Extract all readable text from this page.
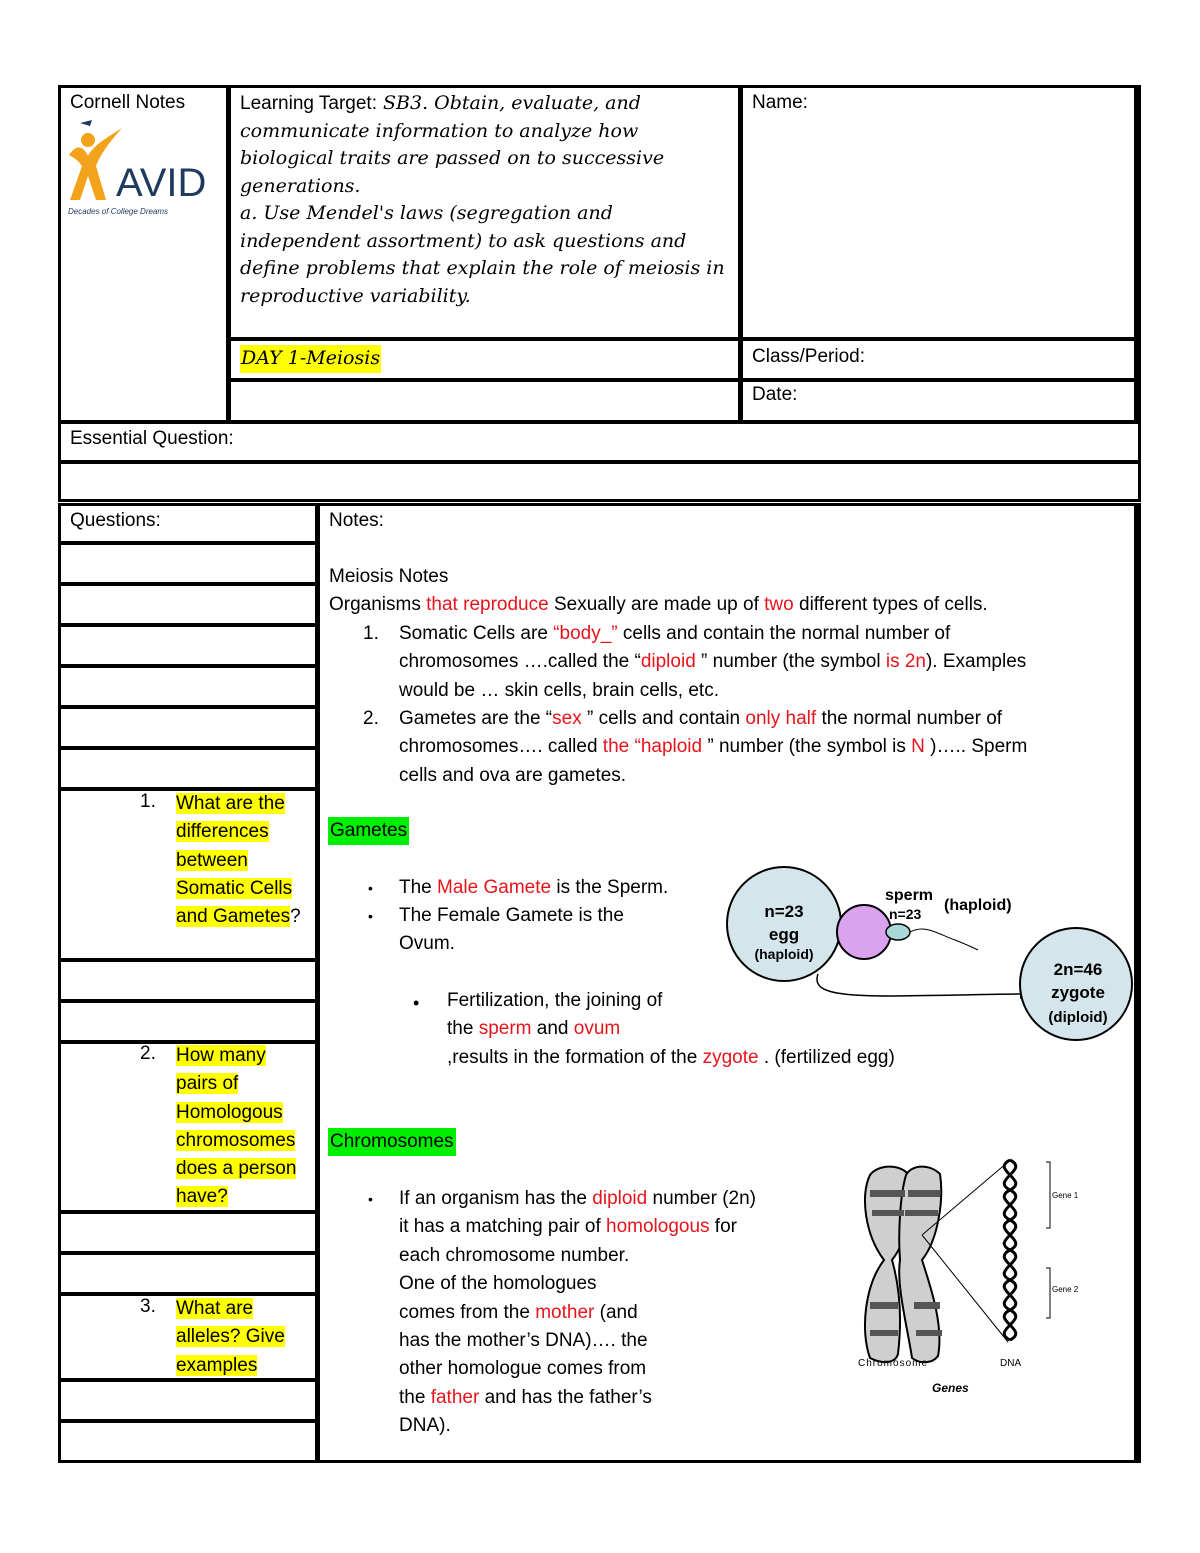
Cornell Notes
AVID
Decades of College Dreams
Learning Target: SB3. Obtain, evaluate, and
communicate information to analyze how
biological traits are passed on to successive
generations.
a. Use Mendel's laws (segregation and
independent assortment) to ask questions and
define problems that explain the role of meiosis in
reproductive variability.
Name:
DAY 1-Meiosis	Class/Period:
Date:
Essential Question:
Questions:
1. What are the
differences
between
Somatic Cells
and Gametes?
2. How many
pairs of
Homologous
chromosomes
does a person
have?
3. What are
alleles? Give
examples
Notes:
Meiosis Notes
Organisms that reproduce Sexually are made up of two different types of cells.
1. Somatic Cells are “body_” cells and contain the normal number of
chromosomes ….called the “diploid ” number (the symbol is 2n). Examples
would be … skin cells, brain cells, etc.
2. Gametes are the “sex ” cells and contain only half the normal number of
chromosomes…. called the “haploid ” number (the symbol is N )….. Sperm
cells and ova are gametes.
Gametes
• The Male Gamete is the Sperm.
• The Female Gamete is the
Ovum.
• Fertilization, the joining of
the sperm and ovum
,results in the formation of the zygote . (fertilized egg)
Chromosomes
• If an organism has the diploid number (2n)
it has a matching pair of homologous for
each chromosome number.
One of the homologues
comes from the mother (and
has the mother’s DNA)…. the
other homologue comes from
the father and has the father’s
DNA).
n=23
egg
(haploid)
sperm
n=23 (haploid)
2n=46
zygote
(diploid)
Gene 1
Gene 2
Chromosome	DNA
Genes
